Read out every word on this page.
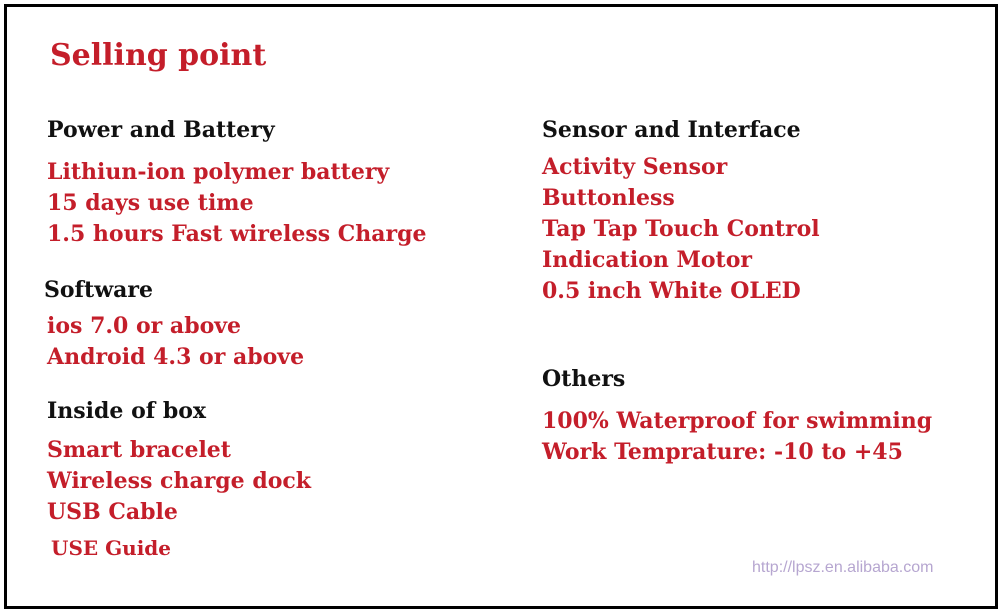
Selling point
Power and Battery
Lithiun-ion polymer battery
15 days use time
1.5 hours Fast wireless Charge
Software
ios 7.0 or above
Android 4.3 or above
Inside of box
Smart bracelet
Wireless charge dock
USB Cable
USE Guide
Sensor and Interface
Activity Sensor
Buttonless
Tap Tap Touch Control
Indication Motor
0.5 inch White OLED
Others
100% Waterproof for swimming
Work Temprature: -10 to +45
http://lpsz.en.alibaba.com
